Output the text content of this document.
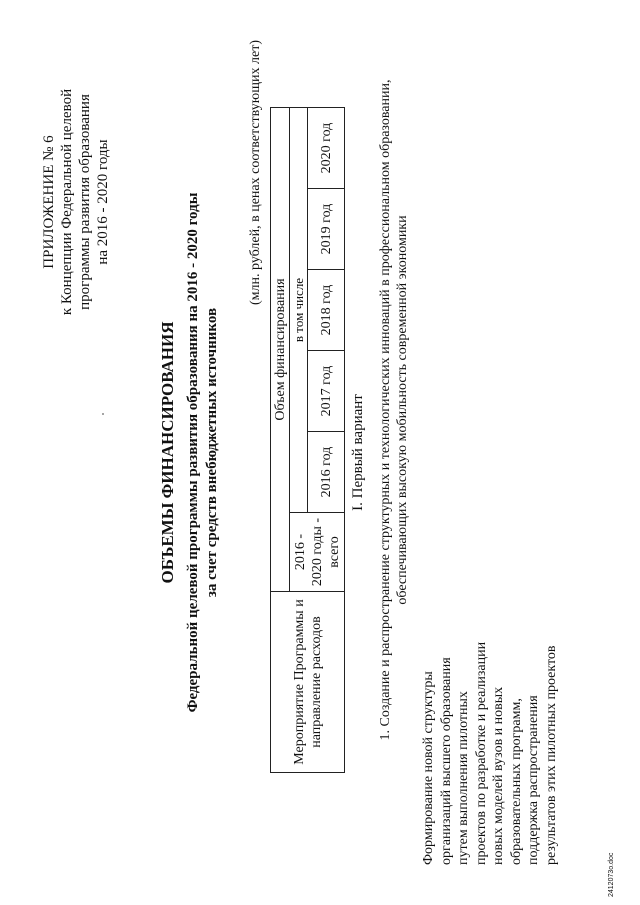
ПРИЛОЖЕНИЕ № 6 к Концепции Федеральной целевой программы развития образования на 2016 - 2020 годы
ОБЪЕМЫ ФИНАНСИРОВАНИЯ Федеральной целевой программы развития образования на 2016 - 2020 годы за счет средств внебюджетных источников
(млн. рублей, в ценах соответствующих лет)
Мероприятие Программы и направление расходов	Объем финансирования					

	2016 - 2020 годы - всего	в том числе				
		2016 год	2017 год	2018 год	2019 год	2020 год
I. Первый вариант 1. Создание и распространение структурных и технологических инноваций в профессиональном образовании, обеспечивающих высокую мобильность современной экономики
Формирование новой структуры организаций высшего образования путем выполнения пилотных проектов по разработке и реализации новых моделей вузов и новых образовательных программ, поддержка распространения результатов этих пилотных проектов
2412073о.doc
